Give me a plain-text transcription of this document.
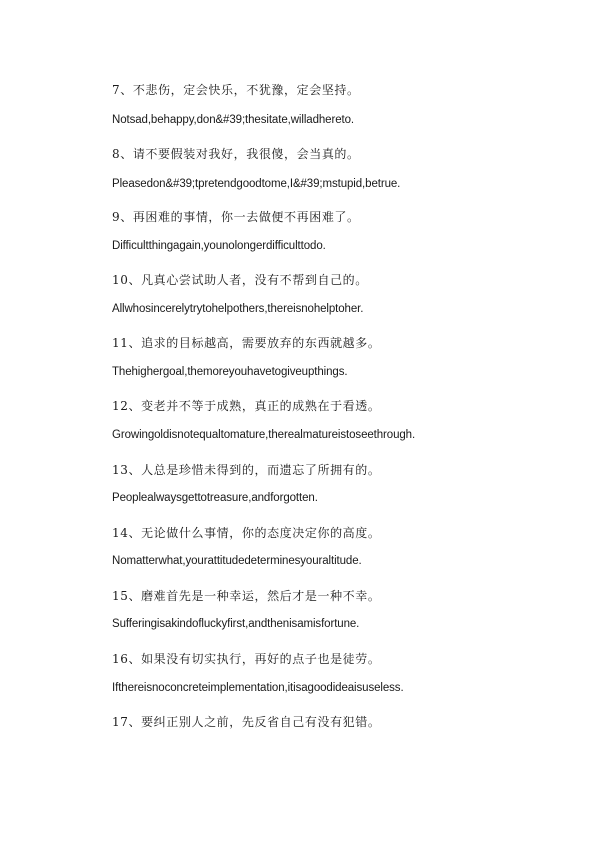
7、不悲伤，定会快乐，不犹豫，定会坚持。
Notsad,behappy,don&#39;thesitate,willadhereto.
8、请不要假装对我好，我很傻，会当真的。
Pleasedon&#39;tpretendgoodtome,I&#39;mstupid,betrue.
9、再困难的事情，你一去做便不再困难了。
Difficultthingagain,younolongerdifficulttodo.
10、凡真心尝试助人者，没有不帮到自己的。
Allwhosincerelytrytohelpothers,thereisnohelptoher.
11、追求的目标越高，需要放弃的东西就越多。
Thehighergoal,themoreyouhavetogiveupthings.
12、变老并不等于成熟，真正的成熟在于看透。
Growingoldisnotequaltomature,therealmatureistoseethrough.
13、人总是珍惜未得到的，而遗忘了所拥有的。
Peoplealwaysgettotreasure,andforgotten.
14、无论做什么事情，你的态度决定你的高度。
Nomatterwhat,yourattitudedeterminesyouraltitude.
15、磨难首先是一种幸运，然后才是一种不幸。
Sufferingisakindofluckyfirst,andthenisamisfortune.
16、如果没有切实执行，再好的点子也是徒劳。
Ifthereisnoconcreteimplementation,itisagoodideaisuseless.
17、要纠正别人之前，先反省自己有没有犯错。
